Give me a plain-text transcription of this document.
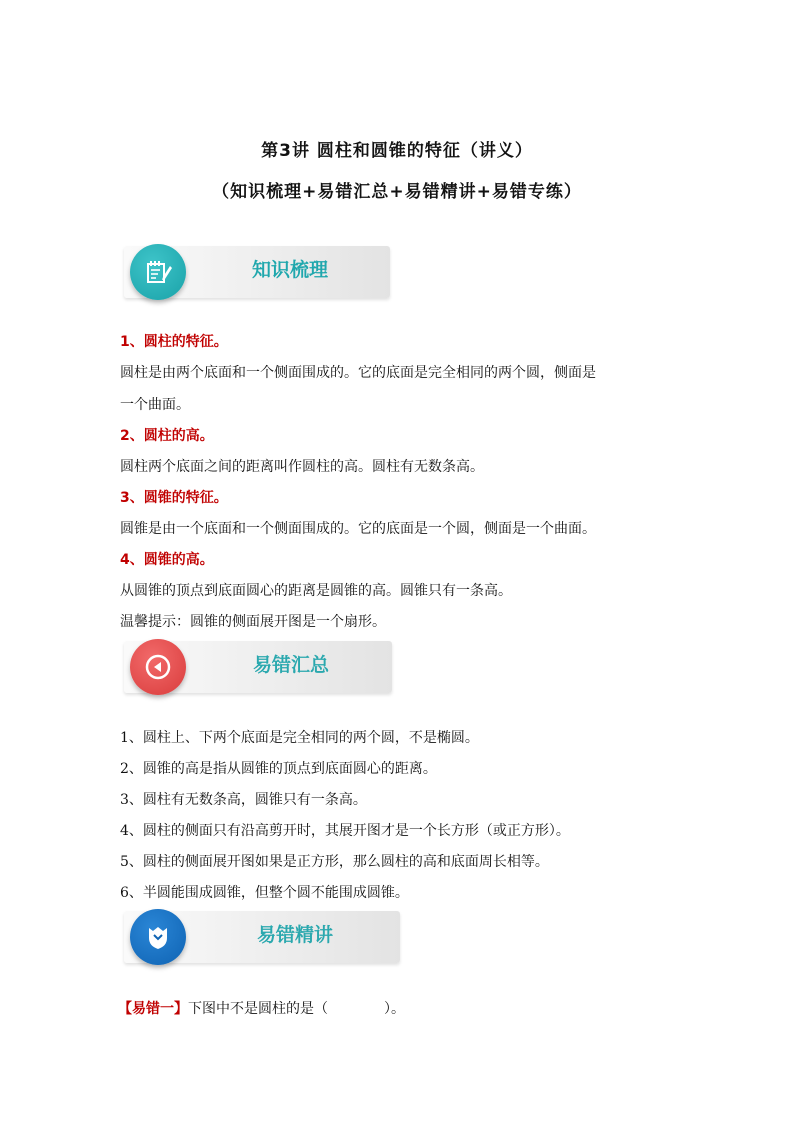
第3讲 圆柱和圆锥的特征（讲义）
（知识梳理+易错汇总+易错精讲+易错专练）
知识梳理
1、圆柱的特征。
圆柱是由两个底面和一个侧面围成的。它的底面是完全相同的两个圆，侧面是
一个曲面。
2、圆柱的高。
圆柱两个底面之间的距离叫作圆柱的高。圆柱有无数条高。
3、圆锥的特征。
圆锥是由一个底面和一个侧面围成的。它的底面是一个圆，侧面是一个曲面。
4、圆锥的高。
从圆锥的顶点到底面圆心的距离是圆锥的高。圆锥只有一条高。
温馨提示：圆锥的侧面展开图是一个扇形。
易错汇总
1、圆柱上、下两个底面是完全相同的两个圆，不是椭圆。
2、圆锥的高是指从圆锥的顶点到底面圆心的距离。
3、圆柱有无数条高，圆锥只有一条高。
4、圆柱的侧面只有沿高剪开时，其展开图才是一个长方形（或正方形）。
5、圆柱的侧面展开图如果是正方形，那么圆柱的高和底面周长相等。
6、半圆能围成圆锥，但整个圆不能围成圆锥。
易错精讲
【易错一】下图中不是圆柱的是（　　　　）。
